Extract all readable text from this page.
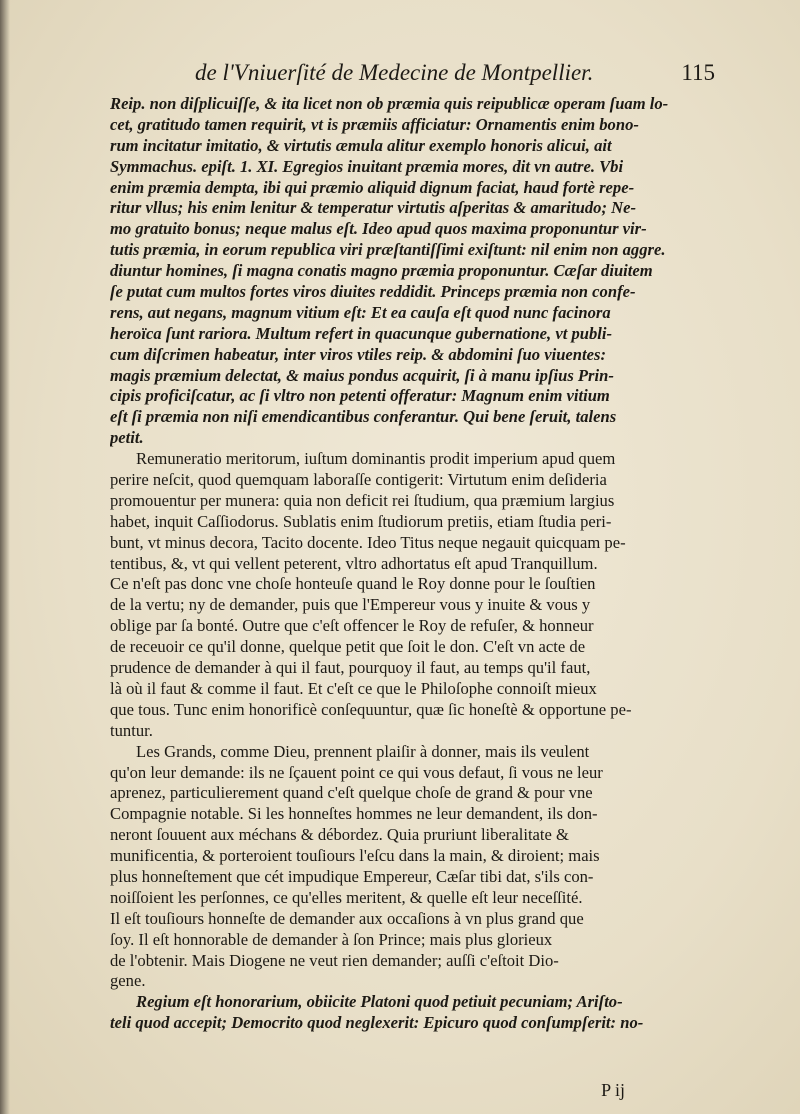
de l'Vniuerſité de Medecine de Montpellier.	115

Reip. non diſplicuiſſe, & ita licet non ob præmia quis reipublicæ operam ſuam lo-
cet, gratitudo tamen requirit, vt is præmiis afficiatur: Ornamentis enim bono-
rum incitatur imitatio, & virtutis æmula alitur exemplo honoris alicui, ait
Symmachus. epiſt. 1. XI. Egregios inuitant præmia mores, dit vn autre. Vbi
enim præmia dempta, ibi qui præmio aliquid dignum faciat, haud fortè repe-
ritur vllus; his enim lenitur & temperatur virtutis aſperitas & amaritudo; Ne-
mo gratuito bonus; neque malus eſt. Ideo apud quos maxima proponuntur vir-
tutis præmia, in eorum republica viri præſtantiſſimi exiſtunt: nil enim non aggre.
diuntur homines, ſi magna conatis magno præmia proponuntur. Cæſar diuitem
ſe putat cum multos fortes viros diuites reddidit. Princeps præmia non confe-
rens, aut negans, magnum vitium eſt: Et ea cauſa eſt quod nunc facinora
heroïca ſunt rariora. Multum refert in quacunque gubernatione, vt publi-
cum diſcrimen habeatur, inter viros vtiles reip. & abdomini ſuo viuentes:
magis præmium delectat, & maius pondus acquirit, ſi à manu ipſius Prin-
cipis proficiſcatur, ac ſi vltro non petenti offeratur: Magnum enim vitium
eſt ſi præmia non niſi emendicantibus conferantur. Qui bene ſeruit, talens
petit.

Remuneratio meritorum, iuſtum dominantis prodit imperium apud quem
perire neſcit, quod quemquam laboraſſe contigerit: Virtutum enim deſideria
promouentur per munera: quia non deficit rei ſtudium, qua præmium largius
habet, inquit Caſſiodorus. Sublatis enim ſtudiorum pretiis, etiam ſtudia peri-
bunt, vt minus decora, Tacito docente. Ideo Titus neque negauit quicquam pe-
tentibus, &, vt qui vellent peterent, vltro adhortatus eſt apud Tranquillum.
Ce n'eſt pas donc vne choſe honteuſe quand le Roy donne pour le ſouſtien
de la vertu; ny de demander, puis que l'Empereur vous y inuite & vous y
oblige par ſa bonté. Outre que c'eſt offencer le Roy de refuſer, & honneur
de receuoir ce qu'il donne, quelque petit que ſoit le don. C'eſt vn acte de
prudence de demander à qui il faut, pourquoy il faut, au temps qu'il faut,
là où il faut & comme il faut. Et c'eſt ce que le Philoſophe connoiſt mieux
que tous. Tunc enim honorificè conſequuntur, quæ ſic honeſtè & opportune pe-
tuntur.

Les Grands, comme Dieu, prennent plaiſir à donner, mais ils veulent
qu'on leur demande: ils ne ſçauent point ce qui vous defaut, ſi vous ne leur
aprenez, particulierement quand c'eſt quelque choſe de grand & pour vne
Compagnie notable. Si les honneſtes hommes ne leur demandent, ils don-
neront ſouuent aux méchans & débordez. Quia pruriunt liberalitate &
munificentia, & porteroient touſiours l'eſcu dans la main, & diroient; mais
plus honneſtement que cét impudique Empereur, Cæſar tibi dat, s'ils con-
noiſſoient les perſonnes, ce qu'elles meritent, & quelle eſt leur neceſſité.
Il eſt touſiours honneſte de demander aux occaſions à vn plus grand que
ſoy. Il eſt honnorable de demander à ſon Prince; mais plus glorieux
de l'obtenir. Mais Diogene ne veut rien demander; auſſi c'eſtoit Dio-
gene.

Regium eſt honorarium, obiicite Platoni quod petiuit pecuniam; Ariſto-
teli quod accepit; Democrito quod neglexerit: Epicuro quod conſumpſerit: no-

P ij
